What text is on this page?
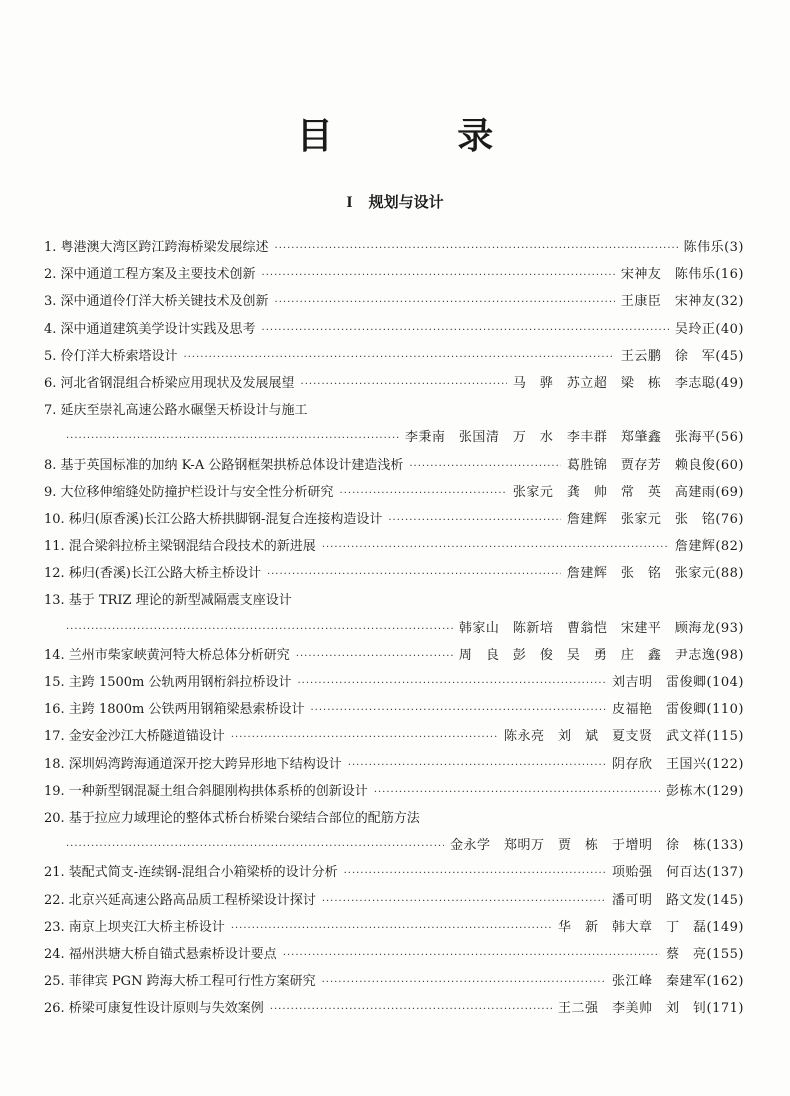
目 录
I 规划与设计
1. 粤港澳大湾区跨江跨海桥梁发展综述 ·····	陈伟乐(3)
2. 深中通道工程方案及主要技术创新 ·····	宋神友　陈伟乐(16)
3. 深中通道伶仃洋大桥关键技术及创新 ·····	王康臣　宋神友(32)
4. 深中通道建筑美学设计实践及思考 ·····	吴玲正(40)
5. 伶仃洋大桥索塔设计 ·····	王云鹏　徐　军(45)
6. 河北省钢混组合桥梁应用现状及发展展望 ·····	马　骅　苏立超　梁　栋　李志聪(49)
7. 延庆至崇礼高速公路水碾堡天桥设计与施工
·····
李秉南　张国清　万　水　李丰群　郑肇鑫　张海平(56)
8. 基于英国标准的加纳 K-A 公路钢框架拱桥总体设计建造浅析 ·····	葛胜锦　贾存芳　赖良俊(60)
9. 大位移伸缩缝处防撞护栏设计与安全性分析研究 ·····	张家元　龚　帅　常　英　高建雨(69)
10. 秭归(原香溪)长江公路大桥拱脚钢-混复合连接构造设计 ·····	詹建辉　张家元　张　铭(76)
11. 混合梁斜拉桥主梁钢混结合段技术的新进展 ·····	詹建辉(82)
12. 秭归(香溪)长江公路大桥主桥设计 ·····	詹建辉　张　铭　张家元(88)
13. 基于 TRIZ 理论的新型减隔震支座设计
·····
韩家山　陈新培　曹翁恺　宋建平　顾海龙(93)
14. 兰州市柴家峡黄河特大桥总体分析研究 ·····	周　良　彭　俊　吴　勇　庄　鑫　尹志逸(98)
15. 主跨 1500m 公轨两用钢桁斜拉桥设计 ·····	刘吉明　雷俊卿(104)
16. 主跨 1800m 公铁两用钢箱梁悬索桥设计 ·····	皮福艳　雷俊卿(110)
17. 金安金沙江大桥隧道锚设计 ·····	陈永亮　刘　斌　夏支贤　武文祥(115)
18. 深圳妈湾跨海通道深开挖大跨异形地下结构设计 ·····	阴存欣　王国兴(122)
19. 一种新型钢混凝土组合斜腿刚构拱体系桥的创新设计 ·····	彭栋木(129)
20. 基于拉应力域理论的整体式桥台桥梁台梁结合部位的配筋方法
·····
金永学　郑明万　贾　栋　于增明　徐　栋(133)
21. 装配式简支-连续钢-混组合小箱梁桥的设计分析 ·····	项贻强　何百达(137)
22. 北京兴延高速公路高品质工程桥梁设计探讨 ·····	潘可明　路文发(145)
23. 南京上坝夹江大桥主桥设计 ·····	华　新　韩大章　丁　磊(149)
24. 福州洪塘大桥自锚式悬索桥设计要点 ·····	蔡　亮(155)
25. 菲律宾 PGN 跨海大桥工程可行性方案研究 ·····	张江峰　秦建军(162)
26. 桥梁可康复性设计原则与失效案例 ·····	王二强　李美帅　刘　钊(171)
